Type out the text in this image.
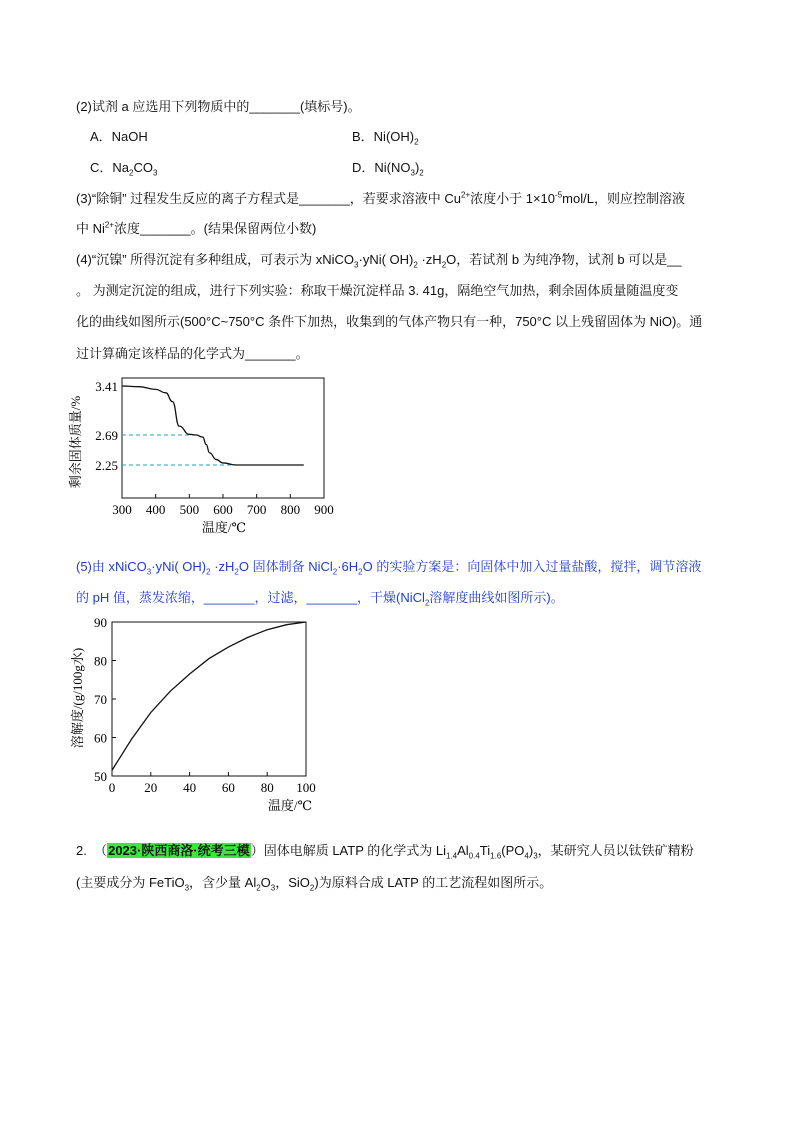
(2)试剂 a 应选用下列物质中的_______(填标号)。
A．NaOH	B．$Ni(OH)_2$
C．$Na_2CO_3$	D．$Ni(NO_3)_2$
(3)“除铜” 过程发生反应的离子方程式是_______，若要求溶液中 $Cu^{2+}$浓度小于 $1\times 10^{-5}mol/L$，则应控制溶液
中 $Ni^{2+}$浓度_______。(结果保留两位小数)
(4)“沉镍” 所得沉淀有多种组成，可表示为 xNiCO$_3$·yNi( $OH)_2 \cdot zH_2O$，若试剂 b 为纯净物，试剂 b 可以是__
。 为测定沉淀的组成，进行下列实验：称取干燥沉淀样品 3. 41g，隔绝空气加热，剩余固体质量随温度变
化的曲线如图所示(500°C~750°C 条件下加热，收集到的气体产物只有一种，750°C 以上残留固体为 NiO)。通
过计算确定该样品的化学式为_______。
3.41
2.69
2.25
300 400 500 600 700 800 900
剩余固体质量/%
温度/℃
(5)由 xNiCO$_3$·yNi( $OH)_2 \cdot zH_2O$ 固体制备 $NiCl_2\cdot 6H_2O$ 的实验方案是：向固体中加入过量盐酸，搅拌，调节溶液
的 pH 值，蒸发浓缩，_______，过滤，_______，干燥(NiCl$_2$溶解度曲线如图所示)。
90
80
70
60
50
0 20 40 60 80 100
溶解度/(g/100g水)
温度/℃
2. （2023·陕西商洛·统考三模）固体电解质 LATP 的化学式为 $Li_{1.4}Al_{0.4}Ti_{1.6}(PO_4)_3$，某研究人员以钛铁矿精粉
(主要成分为 FeTiO$_3$，含少量 $Al_2O_3$，SiO$_2$)为原料合成 LATP 的工艺流程如图所示。
